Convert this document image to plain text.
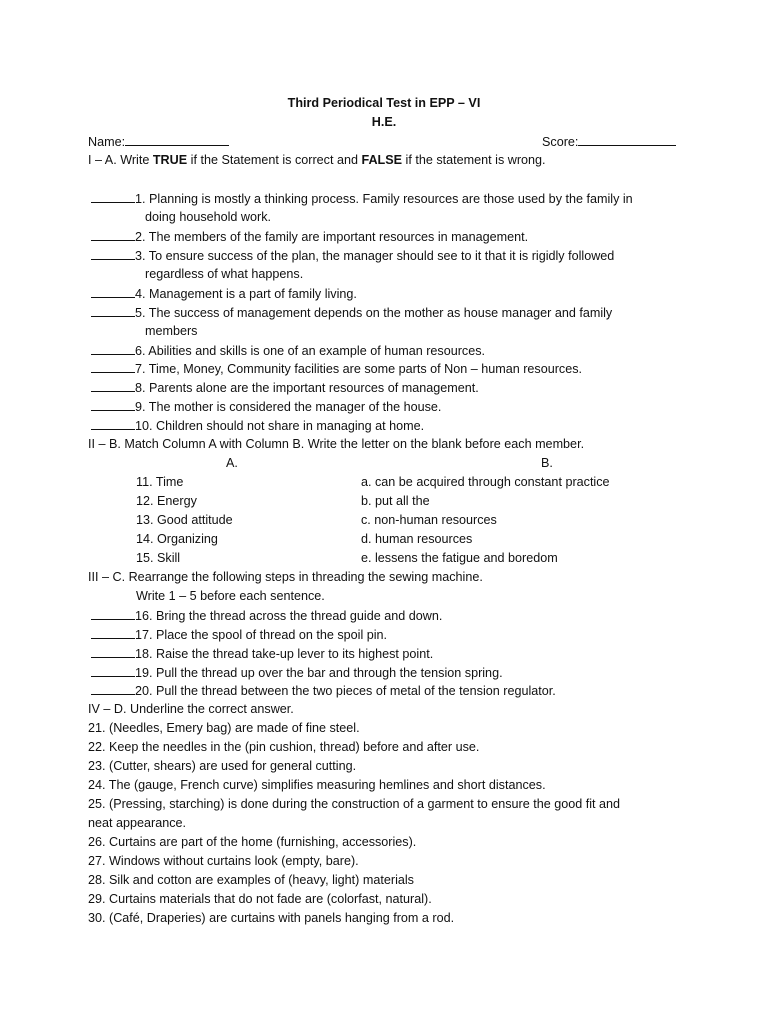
Third Periodical Test in EPP – VI
H.E.
Name:	Score:
I – A. Write TRUE if the Statement is correct and FALSE if the statement is wrong.
1. Planning is mostly a thinking process. Family resources are those used by the family in
doing household work.
2. The members of the family are important resources in management.
3. To ensure success of the plan, the manager should see to it that it is rigidly followed
regardless of what happens.
4. Management is a part of family living.
5. The success of management depends on the mother as house manager and family
members
6. Abilities and skills is one of an example of human resources.
7. Time, Money, Community facilities are some parts of Non – human resources.
8. Parents alone are the important resources of management.
9. The mother is considered the manager of the house.
10. Children should not share in managing at home.
II – B. Match Column A with Column B. Write the letter on the blank before each member.
A.	B.
11. Time
12. Energy
13. Good attitude
14. Organizing
15. Skill
a. can be acquired through constant practice
b. put all the
c. non-human resources
d. human resources
e. lessens the fatigue and boredom
III – C. Rearrange the following steps in threading the sewing machine.
Write 1 – 5 before each sentence.
16. Bring the thread across the thread guide and down.
17. Place the spool of thread on the spoil pin.
18. Raise the thread take-up lever to its highest point.
19. Pull the thread up over the bar and through the tension spring.
20. Pull the thread between the two pieces of metal of the tension regulator.
IV – D. Underline the correct answer.
21. (Needles, Emery bag) are made of fine steel.
22. Keep the needles in the (pin cushion, thread) before and after use.
23. (Cutter, shears) are used for general cutting.
24. The (gauge, French curve) simplifies measuring hemlines and short distances.
25. (Pressing, starching) is done during the construction of a garment to ensure the good fit and
neat appearance.
26. Curtains are part of the home (furnishing, accessories).
27. Windows without curtains look (empty, bare).
28. Silk and cotton are examples of (heavy, light) materials
29. Curtains materials that do not fade are (colorfast, natural).
30. (Café, Draperies) are curtains with panels hanging from a rod.
